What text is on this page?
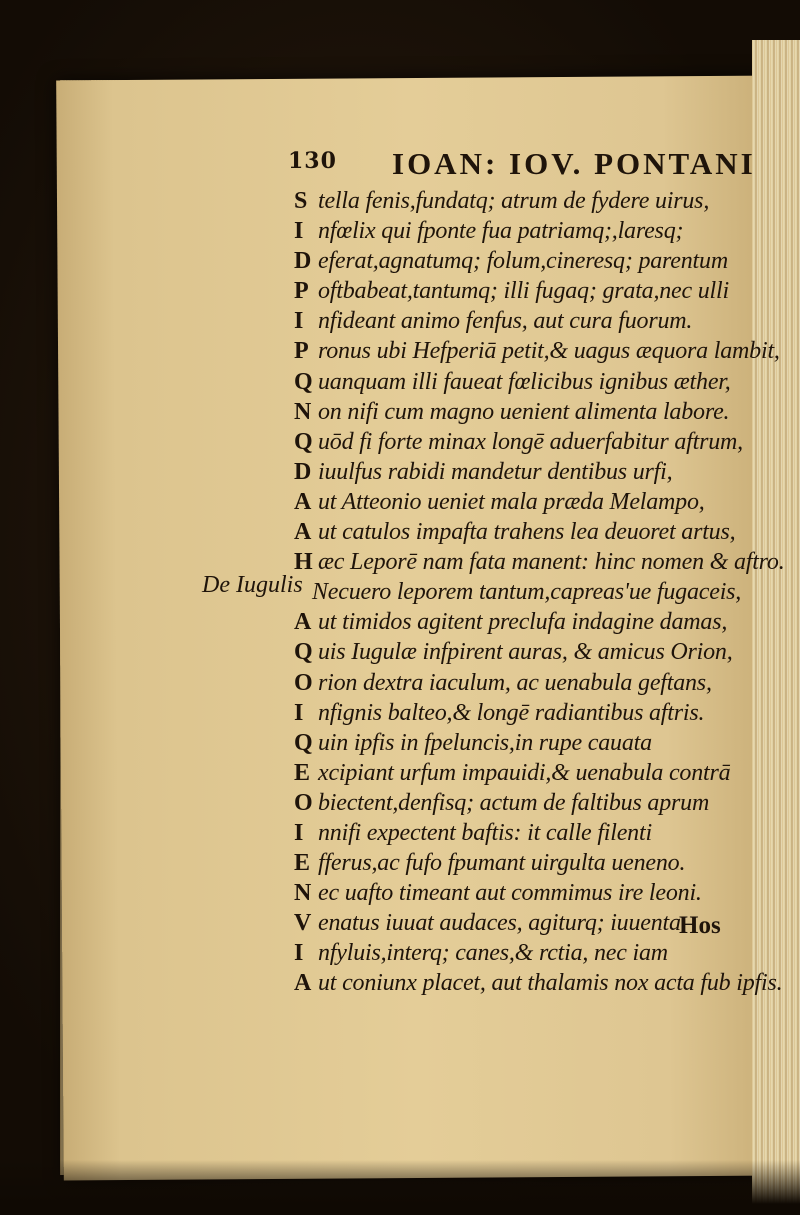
130 IOAN: IOV. PONTANI
De Iugulis
S tella fenis,fundatq; atrum de fydere uirus,
I nfœlix qui fponte fua patriamq;,laresq;
D eferat,agnatumq; folum,cineresq; parentum
P oftbabeat,tantumq; illi fugaq; grata,nec ulli
I nfideant animo fenfus, aut cura fuorum.
P ronus ubi Hefperiā petit,& uagus æquora lambit,
Q uanquam illi faueat fœlicibus ignibus æther,
N on nifi cum magno uenient alimenta labore.
Q uōd fi forte minax longē aduerfabitur aftrum,
D iuulfus rabidi mandetur dentibus urfi,
A ut Atteonio ueniet mala præda Melampo,
A ut catulos impafta trahens lea deuoret artus,
H æc Leporē nam fata manent: hinc nomen & aftro.
Necuero leporem tantum,capreas'ue fugaceis,
A ut timidos agitent preclufa indagine damas,
Q uis Iugulæ infpirent auras, & amicus Orion,
O rion dextra iaculum, ac uenabula geftans,
I nfignis balteo,& longē radiantibus aftris.
Q uin ipfis in fpeluncis,in rupe cauata
E xcipiant urfum impauidi,& uenabula contrā
O biectent,denfisq; actum de faltibus aprum
I nnifi expectent baftis: it calle filenti
E fferus,ac fufo fpumant uirgulta ueneno.
N ec uafto timeant aut commimus ire leoni.
V enatus iuuat audaces, agiturq; iuuenta
I nfyluis,interq; canes,& rctia, nec iam
A ut coniunx placet, aut thalamis nox acta fub ipfis.
Hos
